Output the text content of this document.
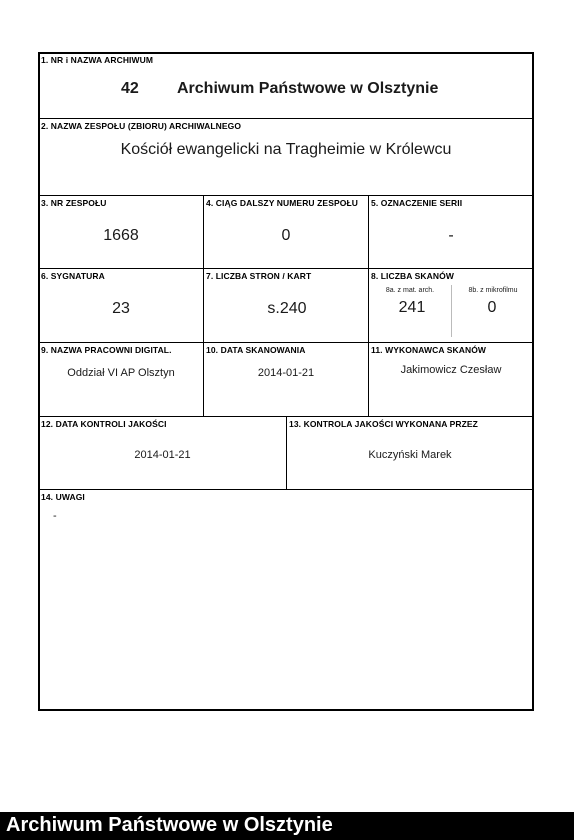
1. NR i NAZWA ARCHIWUM
42 Archiwum Państwowe w Olsztynie
2. NAZWA ZESPOŁU (ZBIORU) ARCHIWALNEGO
Kościół ewangelicki na Tragheimie w Królewcu
3. NR ZESPOŁU
1668
4. CIĄG DALSZY NUMERU ZESPOŁU
0
5. OZNACZENIE SERII
-
6. SYGNATURA
23
7. LICZBA STRON / KART
s.240
8. LICZBA SKANÓW
8a. z mat. arch.
241
8b. z mikrofilmu
0
9. NAZWA PRACOWNI DIGITAL.
Oddział VI AP Olsztyn
10. DATA SKANOWANIA
2014-01-21
11. WYKONAWCA SKANÓW
Jakimowicz Czesław
12. DATA KONTROLI JAKOŚCI
2014-01-21
13. KONTROLA JAKOŚCI WYKONANA PRZEZ
Kuczyński Marek
14. UWAGI
-
Archiwum Państwowe w Olsztynie
